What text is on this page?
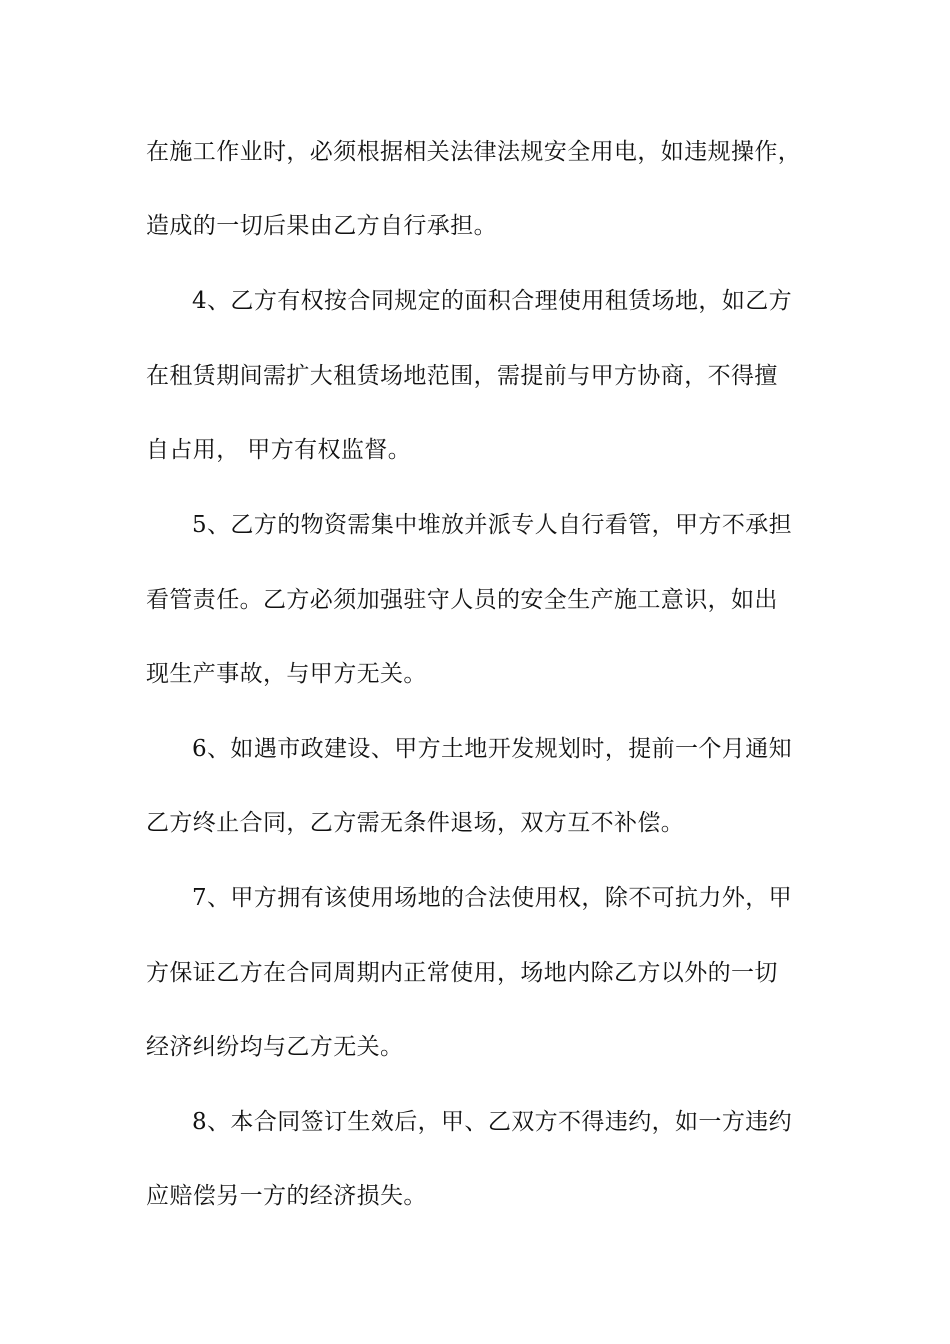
在施工作业时，必须根据相关法律法规安全用电，如违规操作，
造成的一切后果由乙方自行承担。
4、乙方有权按合同规定的面积合理使用租赁场地，如乙方
在租赁期间需扩大租赁场地范围，需提前与甲方协商，不得擅
自占用， 甲方有权监督。
5、乙方的物资需集中堆放并派专人自行看管，甲方不承担
看管责任。乙方必须加强驻守人员的安全生产施工意识，如出
现生产事故，与甲方无关。
6、如遇市政建设、甲方土地开发规划时，提前一个月通知
乙方终止合同，乙方需无条件退场，双方互不补偿。
7、甲方拥有该使用场地的合法使用权，除不可抗力外，甲
方保证乙方在合同周期内正常使用，场地内除乙方以外的一切
经济纠纷均与乙方无关。
8、本合同签订生效后，甲、乙双方不得违约，如一方违约
应赔偿另一方的经济损失。
